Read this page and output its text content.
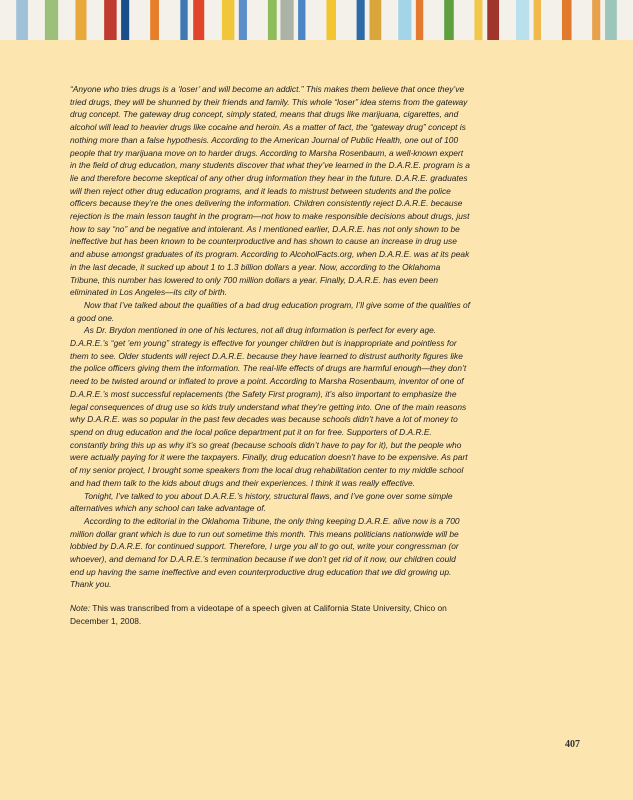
“Anyone who tries drugs is a ‘loser’ and will become an addict.” This makes them believe that once they’ve tried drugs, they will be shunned by their friends and family. This whole “loser” idea stems from the gateway drug concept. The gateway drug concept, simply stated, means that drugs like marijuana, cigarettes, and alcohol will lead to heavier drugs like cocaine and heroin. As a matter of fact, the “gateway drug” concept is nothing more than a false hypothesis. According to the American Journal of Public Health, one out of 100 people that try marijuana move on to harder drugs. According to Marsha Rosenbaum, a well-known expert in the field of drug education, many students discover that what they’ve learned in the D.A.R.E. program is a lie and therefore become skeptical of any other drug information they hear in the future. D.A.R.E. graduates will then reject other drug education programs, and it leads to mistrust between students and the police officers because they’re the ones delivering the information. Children consistently reject D.A.R.E. because rejection is the main lesson taught in the program—not how to make responsible decisions about drugs, just how to say “no” and be negative and intolerant. As I mentioned earlier, D.A.R.E. has not only shown to be ineffective but has been known to be counterproductive and has shown to cause an increase in drug use and abuse amongst graduates of its program. According to AlcoholFacts.org, when D.A.R.E. was at its peak in the last decade, it sucked up about 1 to 1.3 billion dollars a year. Now, according to the Oklahoma Tribune, this number has lowered to only 700 million dollars a year. Finally, D.A.R.E. has even been eliminated in Los Angeles—its city of birth.

Now that I’ve talked about the qualities of a bad drug education program, I’ll give some of the qualities of a good one.

As Dr. Brydon mentioned in one of his lectures, not all drug information is perfect for every age. D.A.R.E.’s “get ’em young” strategy is effective for younger children but is inappropriate and pointless for them to see. Older students will reject D.A.R.E. because they have learned to distrust authority figures like the police officers giving them the information. The real-life effects of drugs are harmful enough—they don’t need to be twisted around or inflated to prove a point. According to Marsha Rosenbaum, inventor of one of D.A.R.E.’s most successful replacements (the Safety First program), it’s also important to emphasize the legal consequences of drug use so kids truly understand what they’re getting into. One of the main reasons why D.A.R.E. was so popular in the past few decades was because schools didn’t have a lot of money to spend on drug education and the local police department put it on for free. Supporters of D.A.R.E. constantly bring this up as why it’s so great (because schools didn’t have to pay for it), but the people who were actually paying for it were the taxpayers. Finally, drug education doesn’t have to be expensive. As part of my senior project, I brought some speakers from the local drug rehabilitation center to my middle school and had them talk to the kids about drugs and their experiences. I think it was really effective.

Tonight, I’ve talked to you about D.A.R.E.’s history, structural flaws, and I’ve gone over some simple alternatives which any school can take advantage of.

According to the editorial in the Oklahoma Tribune, the only thing keeping D.A.R.E. alive now is a 700 million dollar grant which is due to run out sometime this month. This means politicians nationwide will be lobbied by D.A.R.E. for continued support. Therefore, I urge you all to go out, write your congressman (or whoever), and demand for D.A.R.E.’s termination because if we don’t get rid of it now, our children could end up having the same ineffective and even counterproductive drug education that we did growing up. Thank you.

Note: This was transcribed from a videotape of a speech given at California State University, Chico on December 1, 2008.

407
